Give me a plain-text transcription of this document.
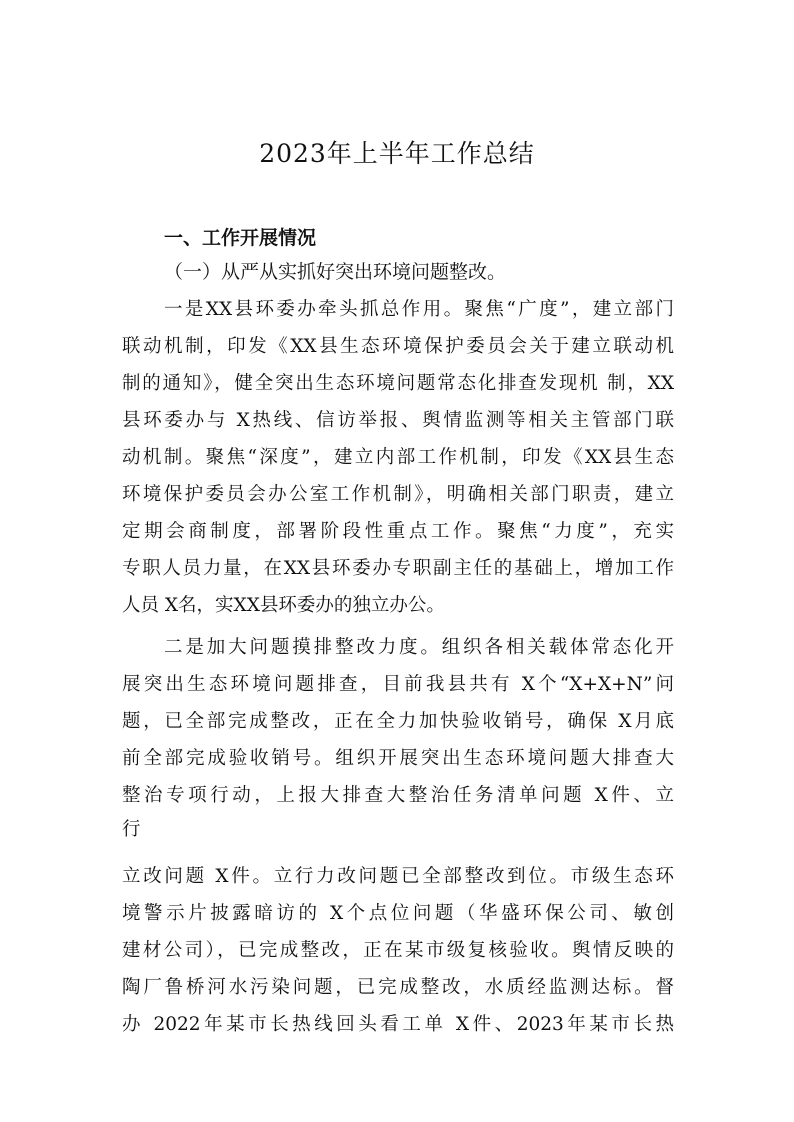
2023年上半年工作总结
一、工作开展情况
（一）从严从实抓好突出环境问题整改。
一是XX县环委办牵头抓总作用。聚焦“广度”，建立部门
联动机制，印发《XX县生态环境保护委员会关于建立联动机
制的通知》，健全突出生态环境问题常态化排查发现机 制，XX
县环委办与 X热线、信访举报、舆情监测等相关主管部门联
动机制。聚焦“深度”，建立内部工作机制，印发《XX县生态
环境保护委员会办公室工作机制》，明确相关部门职责，建立
定期会商制度，部署阶段性重点工作。聚焦“力度”，充实
专职人员力量，在XX县环委办专职副主任的基础上，增加工作
人员 X名，实XX县环委办的独立办公。
二是加大问题摸排整改力度。组织各相关载体常态化开
展突出生态环境问题排查，目前我县共有 X个“X+X+N”问
题，已全部完成整改，正在全力加快验收销号，确保 X月底
前全部完成验收销号。组织开展突出生态环境问题大排查大
整治专项行动，上报大排查大整治任务清单问题 X件、立
行
立改问题 X件。立行力改问题已全部整改到位。市级生态环
境警示片披露暗访的 X个点位问题（华盛环保公司、敏创
建材公司），已完成整改，正在某市级复核验收。舆情反映的
陶厂鲁桥河水污染问题，已完成整改，水质经监测达标。督
办 2022年某市长热线回头看工单 X件、2023年某市长热
